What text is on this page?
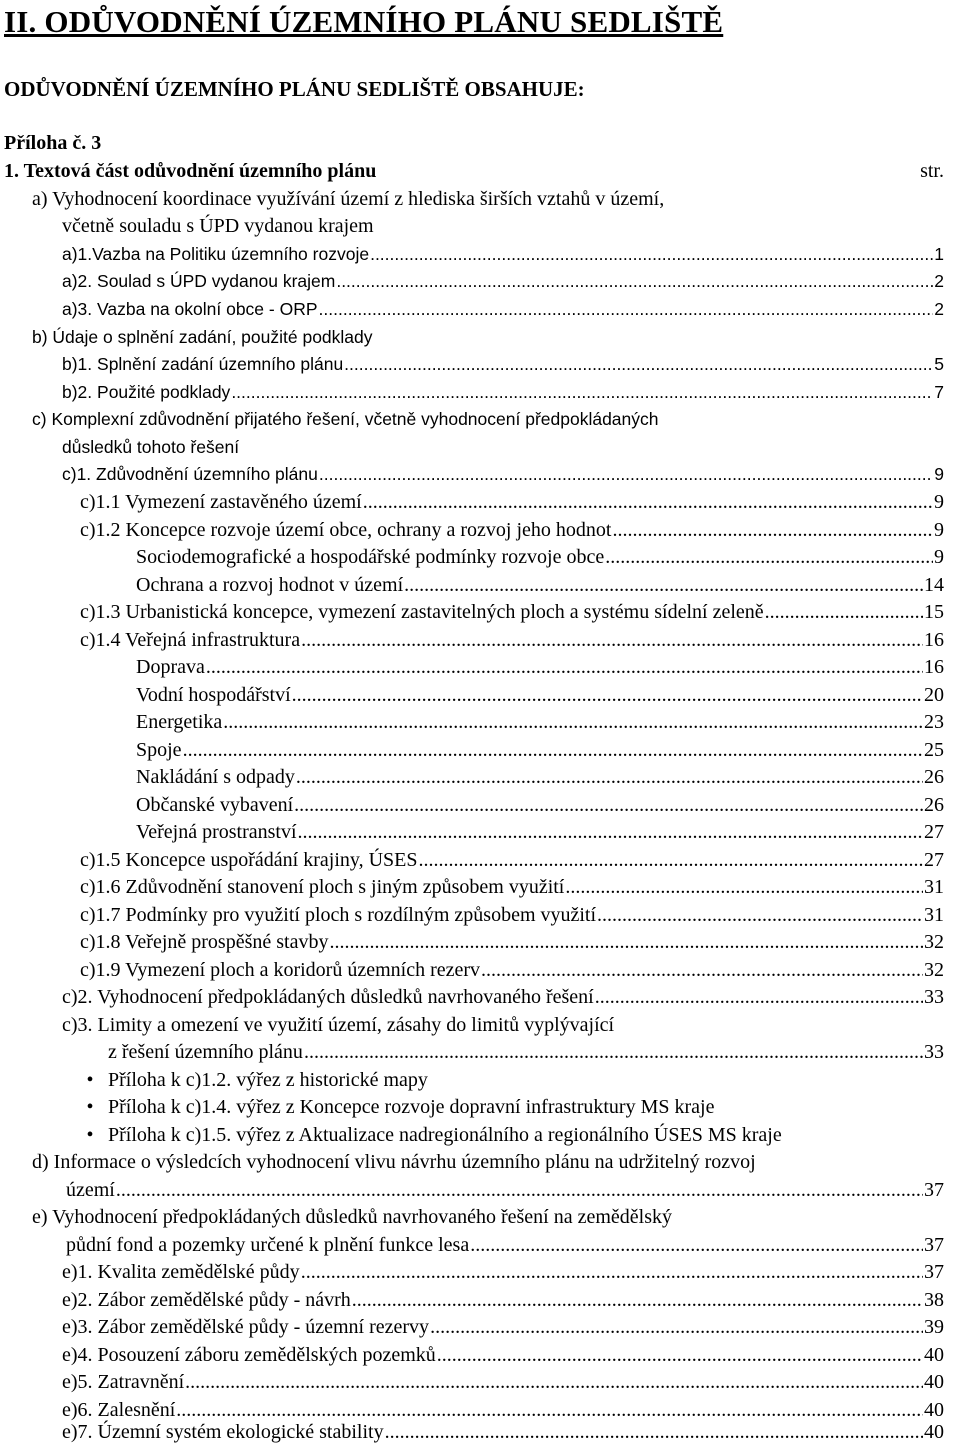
II. ODŮVODNĚNÍ ÚZEMNÍHO PLÁNU SEDLIŠTĚ
ODŮVODNĚNÍ ÚZEMNÍHO PLÁNU SEDLIŠTĚ OBSAHUJE:
Příloha č. 3
1. Textová část odůvodnění územního plánu	str.
a) Vyhodnocení koordinace využívání území z hlediska širších vztahů v území,
včetně souladu s ÚPD vydanou krajem
a)1.Vazba na Politiku územního rozvoje .....	1
a)2. Soulad s ÚPD vydanou krajem .....	2
a)3. Vazba na okolní obce - ORP .....	2
b) Údaje o splnění zadání, použité podklady
b)1. Splnění zadání územního plánu .....	5
b)2. Použité podklady .....	7
c) Komplexní zdůvodnění přijatého řešení, včetně vyhodnocení předpokládaných
důsledků tohoto řešení
c)1. Zdůvodnění územního plánu .....	9
c)1.1 Vymezení zastavěného území .....	9
c)1.2 Koncepce rozvoje území obce, ochrany a rozvoj jeho hodnot .....	9
Sociodemografické a hospodářské podmínky rozvoje obce .....	9
Ochrana a rozvoj hodnot v území .....	14
c)1.3 Urbanistická koncepce, vymezení zastavitelných ploch a systému sídelní zeleně .....	15
c)1.4 Veřejná infrastruktura .....	16
Doprava .....	16
Vodní hospodářství .....	20
Energetika .....	23
Spoje .....	25
Nakládání s odpady .....	26
Občanské vybavení .....	26
Veřejná prostranství .....	27
c)1.5 Koncepce uspořádání krajiny, ÚSES .....	27
c)1.6 Zdůvodnění stanovení ploch s jiným způsobem využití .....	31
c)1.7 Podmínky pro využití ploch s rozdílným způsobem využití .....	31
c)1.8 Veřejně prospěšné stavby .....	32
c)1.9 Vymezení ploch a koridorů územních rezerv .....	32
c)2. Vyhodnocení předpokládaných důsledků navrhovaného řešení .....	33
c)3. Limity a omezení ve využití území, zásahy do limitů vyplývající
z řešení územního plánu .....	33
• Příloha k c)1.2. výřez z historické mapy
• Příloha k c)1.4. výřez z Koncepce rozvoje dopravní infrastruktury MS kraje
• Příloha k c)1.5. výřez z Aktualizace nadregionálního a regionálního ÚSES MS kraje
d) Informace o výsledcích vyhodnocení vlivu návrhu územního plánu na udržitelný rozvoj
území .....	37
e) Vyhodnocení předpokládaných důsledků navrhovaného řešení na zemědělský
půdní fond a pozemky určené k plnění funkce lesa .....	37
e)1. Kvalita zemědělské půdy .....	37
e)2. Zábor zemědělské půdy - návrh .....	38
e)3. Zábor zemědělské půdy - územní rezervy .....	39
e)4. Posouzení záboru zemědělských pozemků .....	40
e)5. Zatravnění .....	40
e)6. Zalesnění .....	40
e)7. Územní systém ekologické stability .....	40
